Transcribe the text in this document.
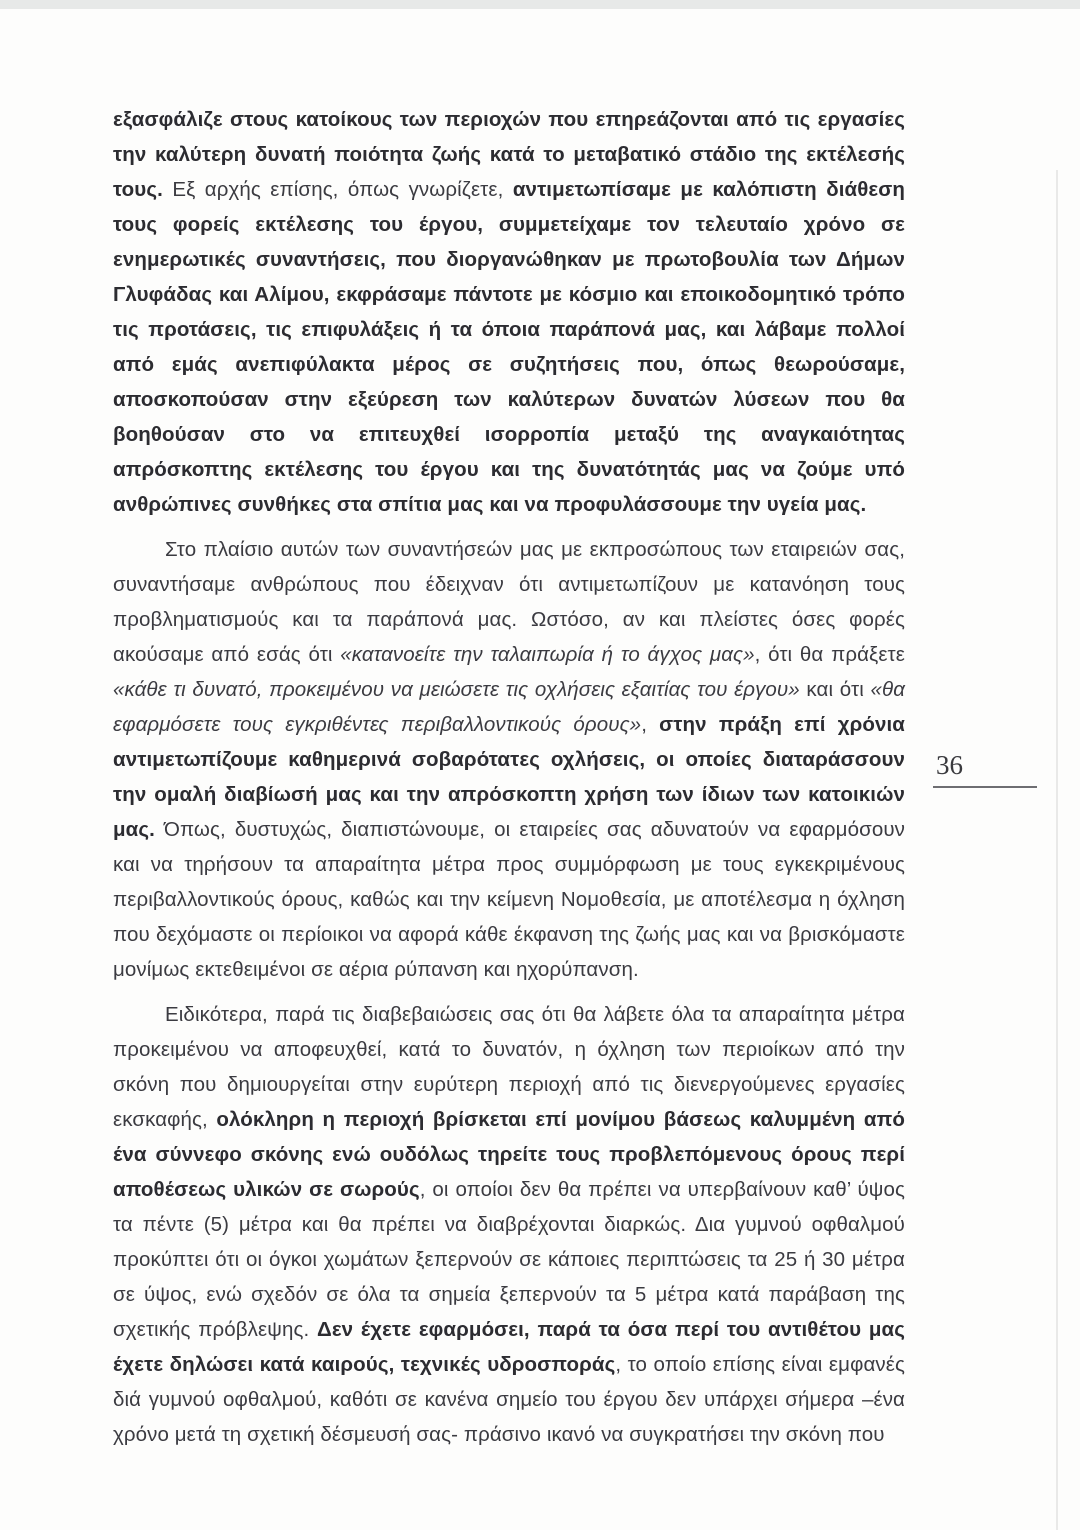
εξασφάλιζε στους κατοίκους των περιοχών που επηρεάζονται από τις εργασίες την καλύτερη δυνατή ποιότητα ζωής κατά το μεταβατικό στάδιο της εκτέλεσής τους. Εξ αρχής επίσης, όπως γνωρίζετε, αντιμετωπίσαμε με καλόπιστη διάθεση τους φορείς εκτέλεσης του έργου, συμμετείχαμε τον τελευταίο χρόνο σε ενημερωτικές συναντήσεις, που διοργανώθηκαν με πρωτοβουλία των Δήμων Γλυφάδας και Αλίμου, εκφράσαμε πάντοτε με κόσμιο και εποικοδομητικό τρόπο τις προτάσεις, τις επιφυλάξεις ή τα όποια παράπονά μας, και λάβαμε πολλοί από εμάς ανεπιφύλακτα μέρος σε συζητήσεις που, όπως θεωρούσαμε, αποσκοπούσαν στην εξεύρεση των καλύτερων δυνατών λύσεων που θα βοηθούσαν στο να επιτευχθεί ισορροπία μεταξύ της αναγκαιότητας απρόσκοπτης εκτέλεσης του έργου και της δυνατότητάς μας να ζούμε υπό ανθρώπινες συνθήκες στα σπίτια μας και να προφυλάσσουμε την υγεία μας.

Στο πλαίσιο αυτών των συναντήσεών μας με εκπροσώπους των εταιρειών σας, συναντήσαμε ανθρώπους που έδειχναν ότι αντιμετωπίζουν με κατανόηση τους προβληματισμούς και τα παράπονά μας. Ωστόσο, αν και πλείστες όσες φορές ακούσαμε από εσάς ότι «κατανοείτε την ταλαιπωρία ή το άγχος μας», ότι θα πράξετε «κάθε τι δυνατό, προκειμένου να μειώσετε τις οχλήσεις εξαιτίας του έργου» και ότι «θα εφαρμόσετε τους εγκριθέντες περιβαλλοντικούς όρους», στην πράξη επί χρόνια αντιμετωπίζουμε καθημερινά σοβαρότατες οχλήσεις, οι οποίες διαταράσσουν την ομαλή διαβίωσή μας και την απρόσκοπτη χρήση των ίδιων των κατοικιών μας. Όπως, δυστυχώς, διαπιστώνουμε, οι εταιρείες σας αδυνατούν να εφαρμόσουν και να τηρήσουν τα απαραίτητα μέτρα προς συμμόρφωση με τους εγκεκριμένους περιβαλλοντικούς όρους, καθώς και την κείμενη Νομοθεσία, με αποτέλεσμα η όχληση που δεχόμαστε οι περίοικοι να αφορά κάθε έκφανση της ζωής μας και να βρισκόμαστε μονίμως εκτεθειμένοι σε αέρια ρύπανση και ηχορύπανση.

Ειδικότερα, παρά τις διαβεβαιώσεις σας ότι θα λάβετε όλα τα απαραίτητα μέτρα προκειμένου να αποφευχθεί, κατά το δυνατόν, η όχληση των περιοίκων από την σκόνη που δημιουργείται στην ευρύτερη περιοχή από τις διενεργούμενες εργασίες εκσκαφής, ολόκληρη η περιοχή βρίσκεται επί μονίμου βάσεως καλυμμένη από ένα σύννεφο σκόνης ενώ ουδόλως τηρείτε τους προβλεπόμενους όρους περί αποθέσεως υλικών σε σωρούς, οι οποίοι δεν θα πρέπει να υπερβαίνουν καθ’ ύψος τα πέντε (5) μέτρα και θα πρέπει να διαβρέχονται διαρκώς. Δια γυμνού οφθαλμού προκύπτει ότι οι όγκοι χωμάτων ξεπερνούν σε κάποιες περιπτώσεις τα 25 ή 30 μέτρα σε ύψος, ενώ σχεδόν σε όλα τα σημεία ξεπερνούν τα 5 μέτρα κατά παράβαση της σχετικής πρόβλεψης. Δεν έχετε εφαρμόσει, παρά τα όσα περί του αντιθέτου μας έχετε δηλώσει κατά καιρούς, τεχνικές υδροσποράς, το οποίο επίσης είναι εμφανές διά γυμνού οφθαλμού, καθότι σε κανένα σημείο του έργου δεν υπάρχει σήμερα –ένα χρόνο μετά τη σχετική δέσμευσή σας- πράσινο ικανό να συγκρατήσει την σκόνη που

36
